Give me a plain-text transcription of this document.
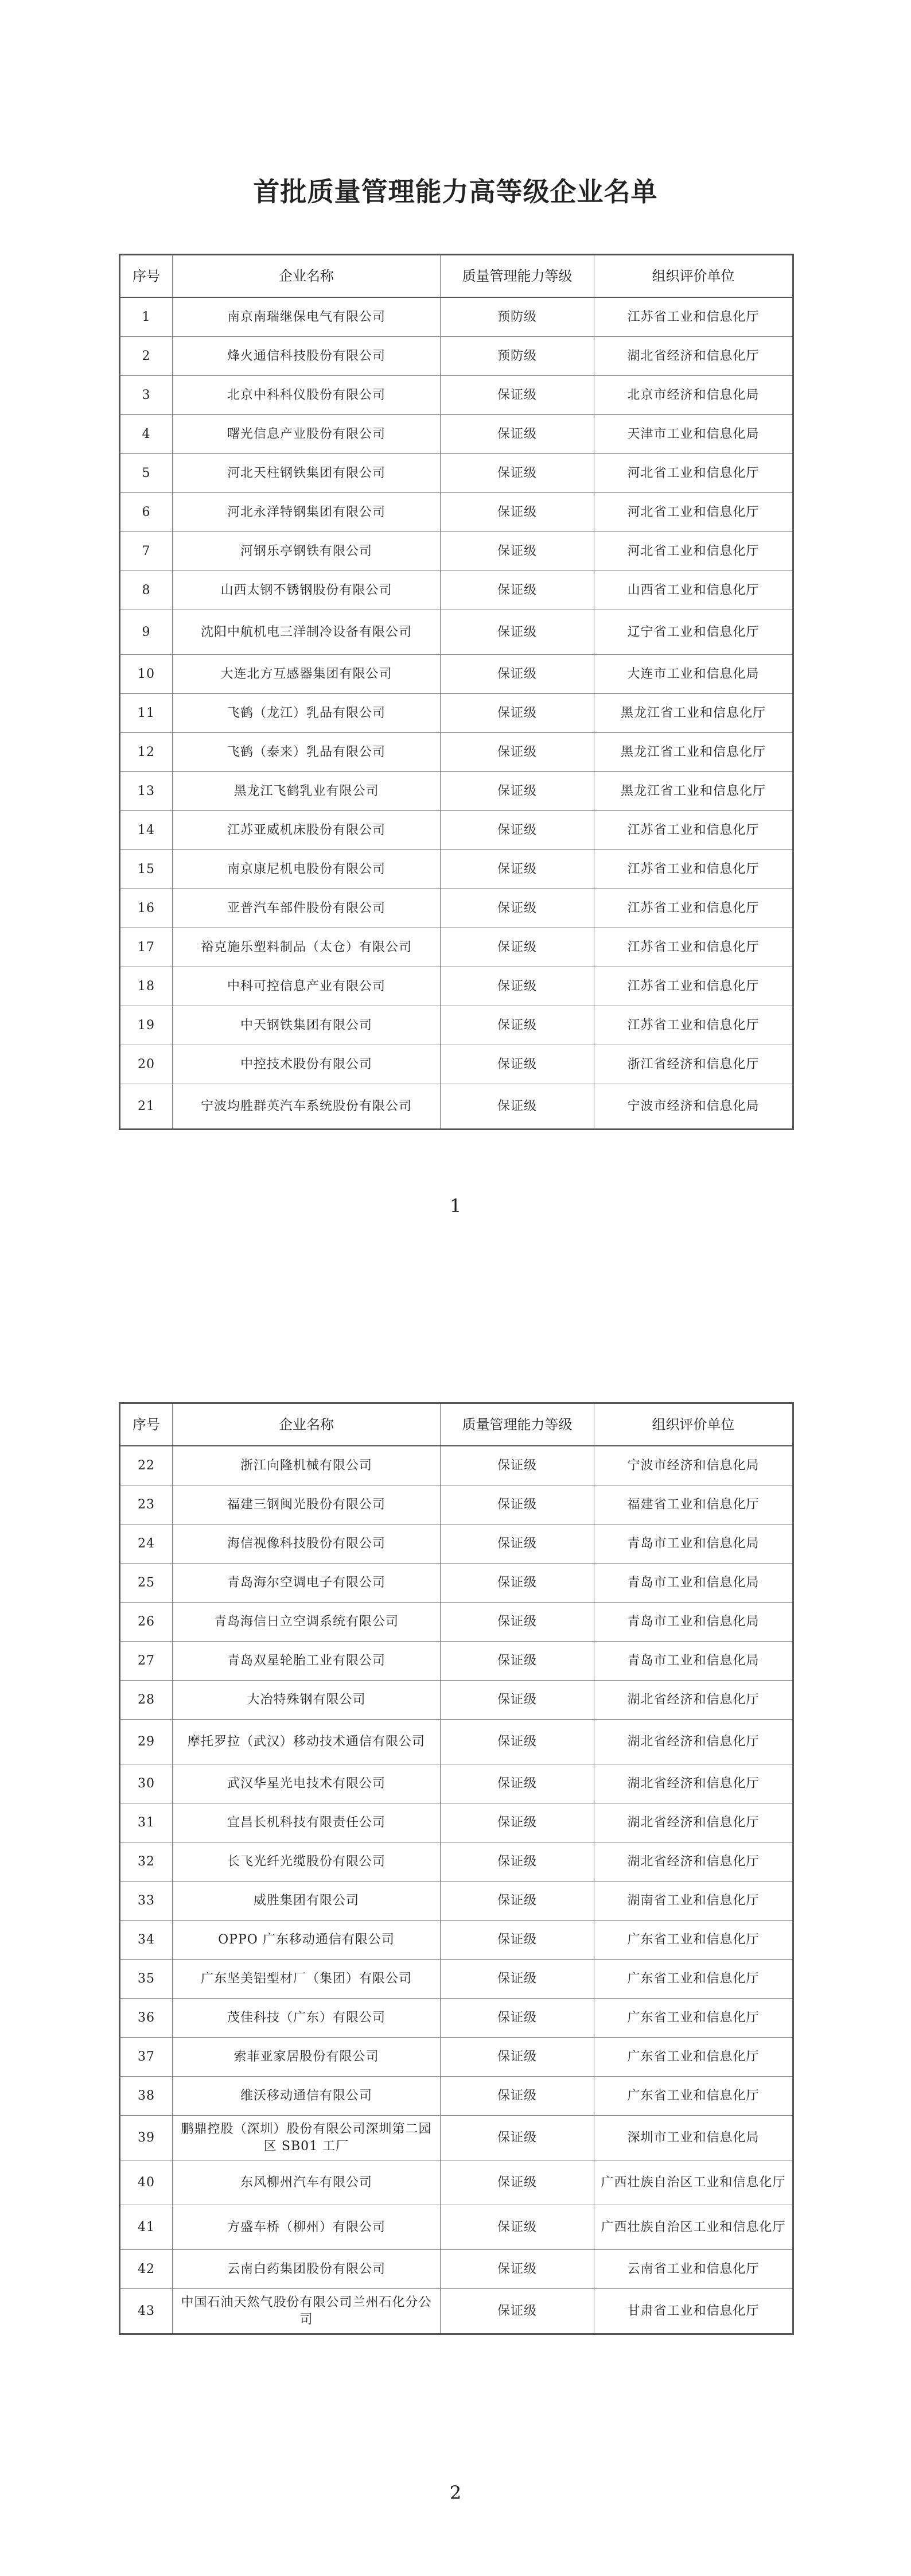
首批质量管理能力高等级企业名单
序号	企业名称	质量管理能力等级	组织评价单位
1	南京南瑞继保电气有限公司	预防级	江苏省工业和信息化厅
2	烽火通信科技股份有限公司	预防级	湖北省经济和信息化厅
3	北京中科科仪股份有限公司	保证级	北京市经济和信息化局
4	曙光信息产业股份有限公司	保证级	天津市工业和信息化局
5	河北天柱钢铁集团有限公司	保证级	河北省工业和信息化厅
6	河北永洋特钢集团有限公司	保证级	河北省工业和信息化厅
7	河钢乐亭钢铁有限公司	保证级	河北省工业和信息化厅
8	山西太钢不锈钢股份有限公司	保证级	山西省工业和信息化厅
9	沈阳中航机电三洋制冷设备有限公司	保证级	辽宁省工业和信息化厅
10	大连北方互感器集团有限公司	保证级	大连市工业和信息化局
11	飞鹤（龙江）乳品有限公司	保证级	黑龙江省工业和信息化厅
12	飞鹤（泰来）乳品有限公司	保证级	黑龙江省工业和信息化厅
13	黑龙江飞鹤乳业有限公司	保证级	黑龙江省工业和信息化厅
14	江苏亚威机床股份有限公司	保证级	江苏省工业和信息化厅
15	南京康尼机电股份有限公司	保证级	江苏省工业和信息化厅
16	亚普汽车部件股份有限公司	保证级	江苏省工业和信息化厅
17	裕克施乐塑料制品（太仓）有限公司	保证级	江苏省工业和信息化厅
18	中科可控信息产业有限公司	保证级	江苏省工业和信息化厅
19	中天钢铁集团有限公司	保证级	江苏省工业和信息化厅
20	中控技术股份有限公司	保证级	浙江省经济和信息化厅
21	宁波均胜群英汽车系统股份有限公司	保证级	宁波市经济和信息化局
1
序号	企业名称	质量管理能力等级	组织评价单位
22	浙江向隆机械有限公司	保证级	宁波市经济和信息化局
23	福建三钢闽光股份有限公司	保证级	福建省工业和信息化厅
24	海信视像科技股份有限公司	保证级	青岛市工业和信息化局
25	青岛海尔空调电子有限公司	保证级	青岛市工业和信息化局
26	青岛海信日立空调系统有限公司	保证级	青岛市工业和信息化局
27	青岛双星轮胎工业有限公司	保证级	青岛市工业和信息化局
28	大冶特殊钢有限公司	保证级	湖北省经济和信息化厅
29	摩托罗拉（武汉）移动技术通信有限公司	保证级	湖北省经济和信息化厅
30	武汉华星光电技术有限公司	保证级	湖北省经济和信息化厅
31	宜昌长机科技有限责任公司	保证级	湖北省经济和信息化厅
32	长飞光纤光缆股份有限公司	保证级	湖北省经济和信息化厅
33	威胜集团有限公司	保证级	湖南省工业和信息化厅
34	OPPO 广东移动通信有限公司	保证级	广东省工业和信息化厅
35	广东坚美铝型材厂（集团）有限公司	保证级	广东省工业和信息化厅
36	茂佳科技（广东）有限公司	保证级	广东省工业和信息化厅
37	索菲亚家居股份有限公司	保证级	广东省工业和信息化厅
38	维沃移动通信有限公司	保证级	广东省工业和信息化厅
39	鹏鼎控股（深圳）股份有限公司深圳第二园区 SB01 工厂	保证级	深圳市工业和信息化局
40	东风柳州汽车有限公司	保证级	广西壮族自治区工业和信息化厅
41	方盛车桥（柳州）有限公司	保证级	广西壮族自治区工业和信息化厅
42	云南白药集团股份有限公司	保证级	云南省工业和信息化厅
43	中国石油天然气股份有限公司兰州石化分公司	保证级	甘肃省工业和信息化厅
2
